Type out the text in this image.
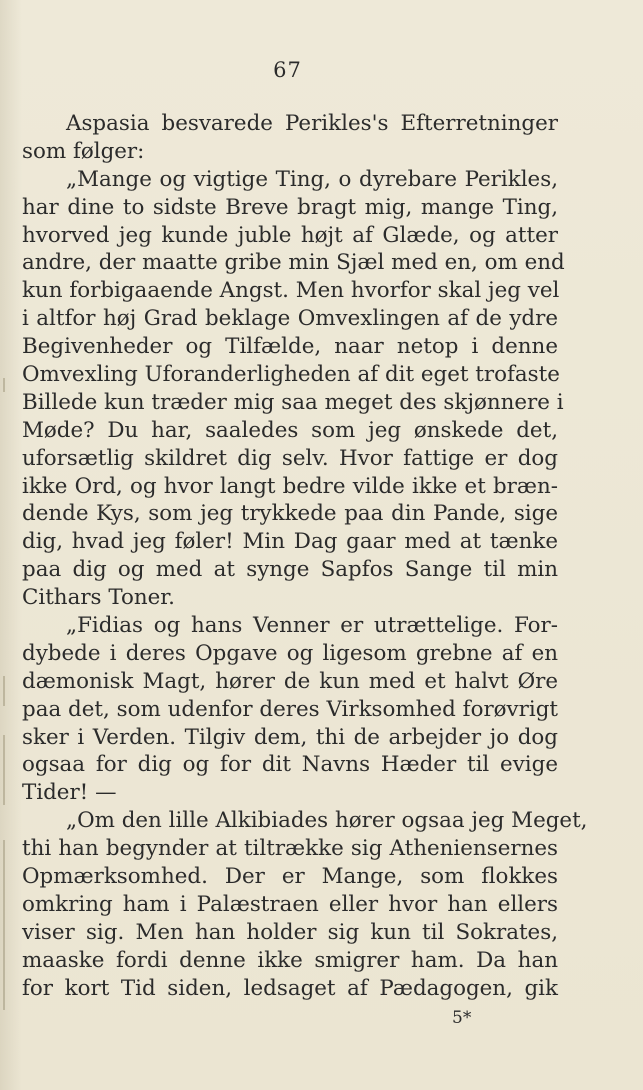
67
Aspasia besvarede Perikles's Efterretninger
som følger:
„Mange og vigtige Ting, o dyrebare Perikles,
har dine to sidste Breve bragt mig, mange Ting,
hvorved jeg kunde juble højt af Glæde, og atter
andre, der maatte gribe min Sjæl med en, om end
kun forbigaaende Angst. Men hvorfor skal jeg vel
i altfor høj Grad beklage Omvexlingen af de ydre
Begivenheder og Tilfælde, naar netop i denne
Omvexling Uforanderligheden af dit eget trofaste
Billede kun træder mig saa meget des skjønnere i
Møde? Du har, saaledes som jeg ønskede det,
uforsætlig skildret dig selv. Hvor fattige er dog
ikke Ord, og hvor langt bedre vilde ikke et bræn-
dende Kys, som jeg trykkede paa din Pande, sige
dig, hvad jeg føler! Min Dag gaar med at tænke
paa dig og med at synge Sapfos Sange til min
Cithars Toner.
„Fidias og hans Venner er utrættelige. For-
dybede i deres Opgave og ligesom grebne af en
dæmonisk Magt, hører de kun med et halvt Øre
paa det, som udenfor deres Virksomhed forøvrigt
sker i Verden. Tilgiv dem, thi de arbejder jo dog
ogsaa for dig og for dit Navns Hæder til evige
Tider! —
„Om den lille Alkibiades hører ogsaa jeg Meget,
thi han begynder at tiltrække sig Atheniensernes
Opmærksomhed. Der er Mange, som flokkes
omkring ham i Palæstraen eller hvor han ellers
viser sig. Men han holder sig kun til Sokrates,
maaske fordi denne ikke smigrer ham. Da han
for kort Tid siden, ledsaget af Pædagogen, gik
5*
